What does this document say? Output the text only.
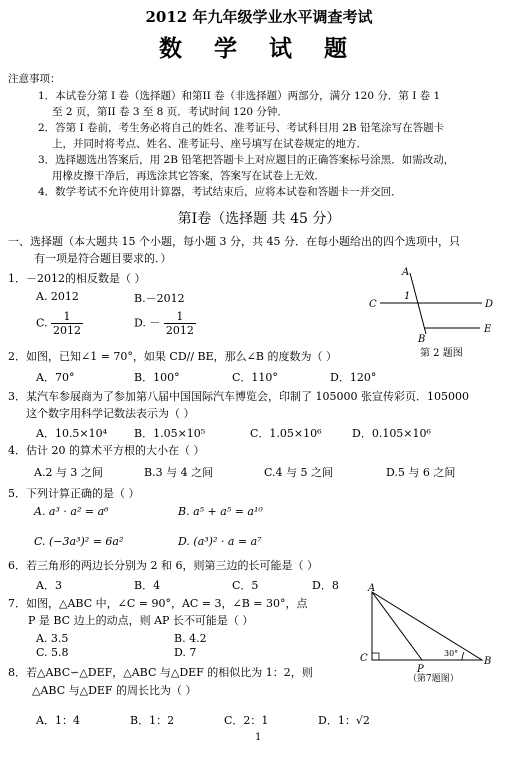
2012 年九年级学业水平调查考试
数 学 试 题
注意事项：
1．本试卷分第 I 卷（选择题）和第II 卷（非选择题）两部分，满分 120 分．第 I 卷 1
至 2 页，第II 卷 3 至 8 页．考试时间 120 分钟．
2．答第 I 卷前，考生务必将自己的姓名、准考证号、考试科目用 2B 铅笔涂写在答题卡
上，并同时将考点、姓名、准考证号、座号填写在试卷规定的地方．
3．选择题选出答案后，用 2B 铅笔把答题卡上对应题目的正确答案标号涂黑．如需改动，
用橡皮擦干净后，再选涂其它答案，答案写在试卷上无效．
4．数学考试不允许使用计算器，考试结束后，应将本试卷和答题卡一并交回．
第Ⅰ卷（选择题 共 45 分）
一、选择题（本大题共 15 个小题，每小题 3 分，共 45 分．在每小题给出的四个选项中，只
有一项是符合题目要求的．）
1．－2012的相反数是（ ）
A. 2012	B.－2012
C. $\frac{1}{2012}$	D. － $\frac{1}{2012}$
A
C
1
D
B
E
第 2 题图
2．如图，已知∠1 = 70°，如果 CD// BE，那么∠B 的度数为（ ）
A．70°	B．100°	C．110°	D．120°
3．某汽车参展商为了参加第八届中国国际汽车博览会，印制了 105000 张宣传彩页．105000
这个数字用科学记数法表示为（ ）
A．10.5×10⁴ B．1.05×10⁵	C．1.05×10⁶	D．0.105×10⁶
4．估计 20 的算术平方根的大小在（ ）
A.2 与 3 之间	B.3 与 4 之间	C.4 与 5 之间	D.5 与 6 之间
5．下列计算正确的是（ ）
A. a³ · a² = a⁶	B. a⁵ + a⁵ = a¹⁰
C. (−3a³)² = 6a²	D. (a³)² · a = a⁷
6．若三角形的两边长分别为 2 和 6，则第三边的长可能是（ ）
A．3	B．4	C．5	D．8
7．如图，△ABC 中，∠C = 90°，AC = 3，∠B = 30°，点
P 是 BC 边上的动点，则 AP 长不可能是（ ）
A. 3.5	B. 4.2
C. 5.8	D. 7
A
C
P
30°
B
（第7题图）
8．若△ABC∽△DEF，△ABC 与△DEF 的相似比为 1：2，则
△ABC 与△DEF 的周长比为（ ）
A．1：4	B．1：2	C．2：1	D．1：√2
1
